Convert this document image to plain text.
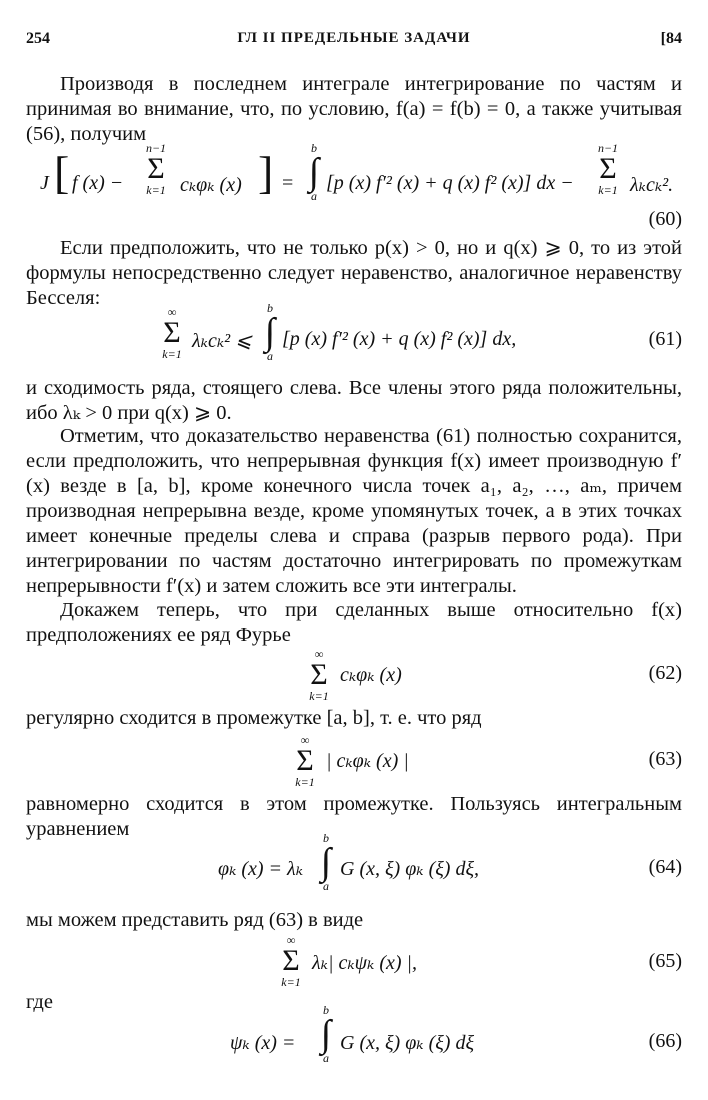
254	ГЛ II ПРЕДЕЛЬНЫЕ ЗАДАЧИ	[84
Производя в последнем интеграле интегрирование по частям и принимая во внимание, что, по условию, f(a) = f(b) = 0, а также учитывая (56), получим
J [ f (x) −
n−1
Σ
k=1 cₖφₖ (x) ] =
b
∫
a
[p (x) f′² (x) + q (x) f² (x)] dx −
n−1
Σ
k=1 λₖcₖ².
(60)
Если предположить, что не только p(x) > 0, но и q(x) ⩾ 0, то из этой формулы непосредственно следует неравенство, аналогичное неравенству Бесселя:
∞
Σ
k=1
λₖcₖ² ⩽
b
∫
a
[p (x) f′² (x) + q (x) f² (x)] dx,	(61)
и сходимость ряда, стоящего слева. Все члены этого ряда положительны, ибо λₖ > 0 при q(x) ⩾ 0.
Отметим, что доказательство неравенства (61) полностью сохранится, если предположить, что непрерывная функция f(x) имеет производную f′(x) везде в [a, b], кроме конечного числа точек a₁, a₂, …, aₘ, причем производная непрерывна везде, кроме упомянутых точек, а в этих точках имеет конечные пределы слева и справа (разрыв первого рода). При интегрировании по частям достаточно интегрировать по промежуткам непрерывности f′(x) и затем сложить все эти интегралы.
Докажем теперь, что при сделанных выше относительно f(x) предположениях ее ряд Фурье
∞
Σ
k=1
cₖφₖ (x)	(62)
регулярно сходится в промежутке [a, b], т. е. что ряд
∞
Σ
k=1
| cₖφₖ (x) |	(63)
равномерно сходится в этом промежутке. Пользуясь интегральным уравнением
φₖ (x) = λₖ
b
∫
a
G (x, ξ) φₖ (ξ) dξ,	(64)
мы можем представить ряд (63) в виде
∞
Σ
k=1
λₖ| cₖψₖ (x) |,	(65)
где
ψₖ (x) =
b
∫
a
G (x, ξ) φₖ (ξ) dξ	(66)
